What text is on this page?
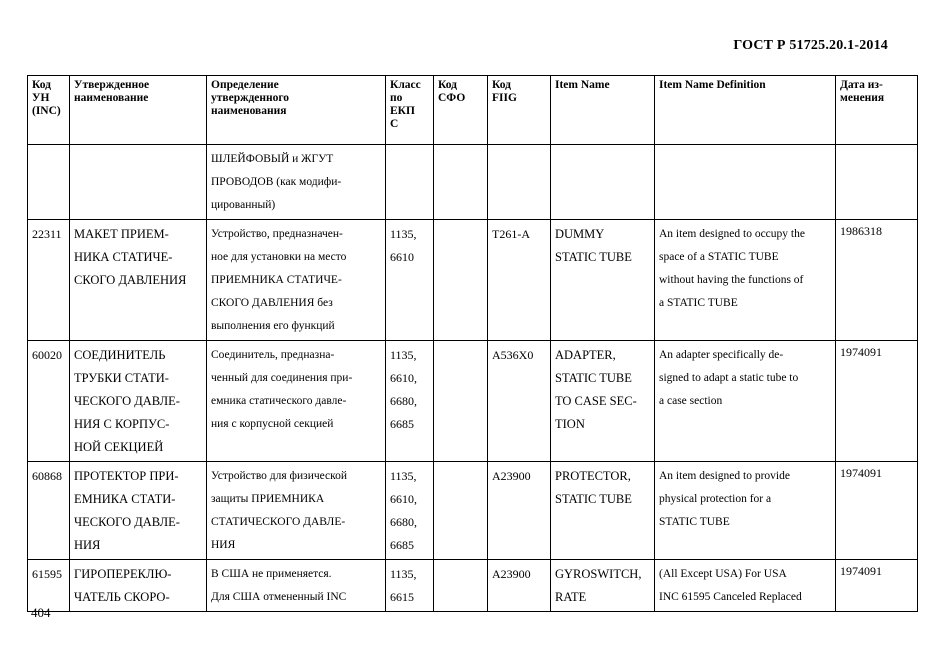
ГОСТ Р 51725.20.1-2014
Код
УН
(INC)	Утвержденное
наименование	Определение
утвержденного
наименования	Класс
по
ЕКП
С	Код
СФО	Код
FIIG	Item Name	Item Name Definition	Дата из-
менения

		ШЛЕЙФОВЫЙ и ЖГУТ
ПРОВОДОВ (как модифи-
цированный)						

22311	МАКЕТ ПРИЕМ-
НИКА СТАТИЧЕ-
СКОГО ДАВЛЕНИЯ	Устройство, предназначен-
ное для установки на место
ПРИЕМНИКА СТАТИЧЕ-
СКОГО ДАВЛЕНИЯ без
выполнения его функций	1135,
6610		T261-A	DUMMY
STATIC TUBE	An item designed to occupy the
space of a STATIC TUBE
without having the functions of
a STATIC TUBE	1986318
60020	СОЕДИНИТЕЛЬ
ТРУБКИ СТАТИ-
ЧЕСКОГО ДАВЛЕ-
НИЯ С КОРПУС-
НОЙ СЕКЦИЕЙ	Соединитель, предназна-
ченный для соединения при-
емника статического давле-
ния с корпусной секцией	1135,
6610,
6680,
6685		A536X0	ADAPTER,
STATIC TUBE
TO CASE SEC-
TION	An adapter specifically de-
signed to adapt a static tube to
a case section	1974091
60868	ПРОТЕКТОР ПРИ-
ЕМНИКА СТАТИ-
ЧЕСКОГО ДАВЛЕ-
НИЯ	Устройство для физической
защиты ПРИЕМНИКА
СТАТИЧЕСКОГО ДАВЛЕ-
НИЯ	1135,
6610,
6680,
6685		A23900	PROTECTOR,
STATIC TUBE	An item designed to provide
physical protection for a
STATIC TUBE	1974091
61595	ГИРОПЕРЕКЛЮ-
ЧАТЕЛЬ СКОРО-	В США не применяется.
Для США отмененный INC	1135,
6615		A23900	GYROSWITCH,
RATE	(All Except USA) For USA
INC 61595 Canceled Replaced	1974091
404
